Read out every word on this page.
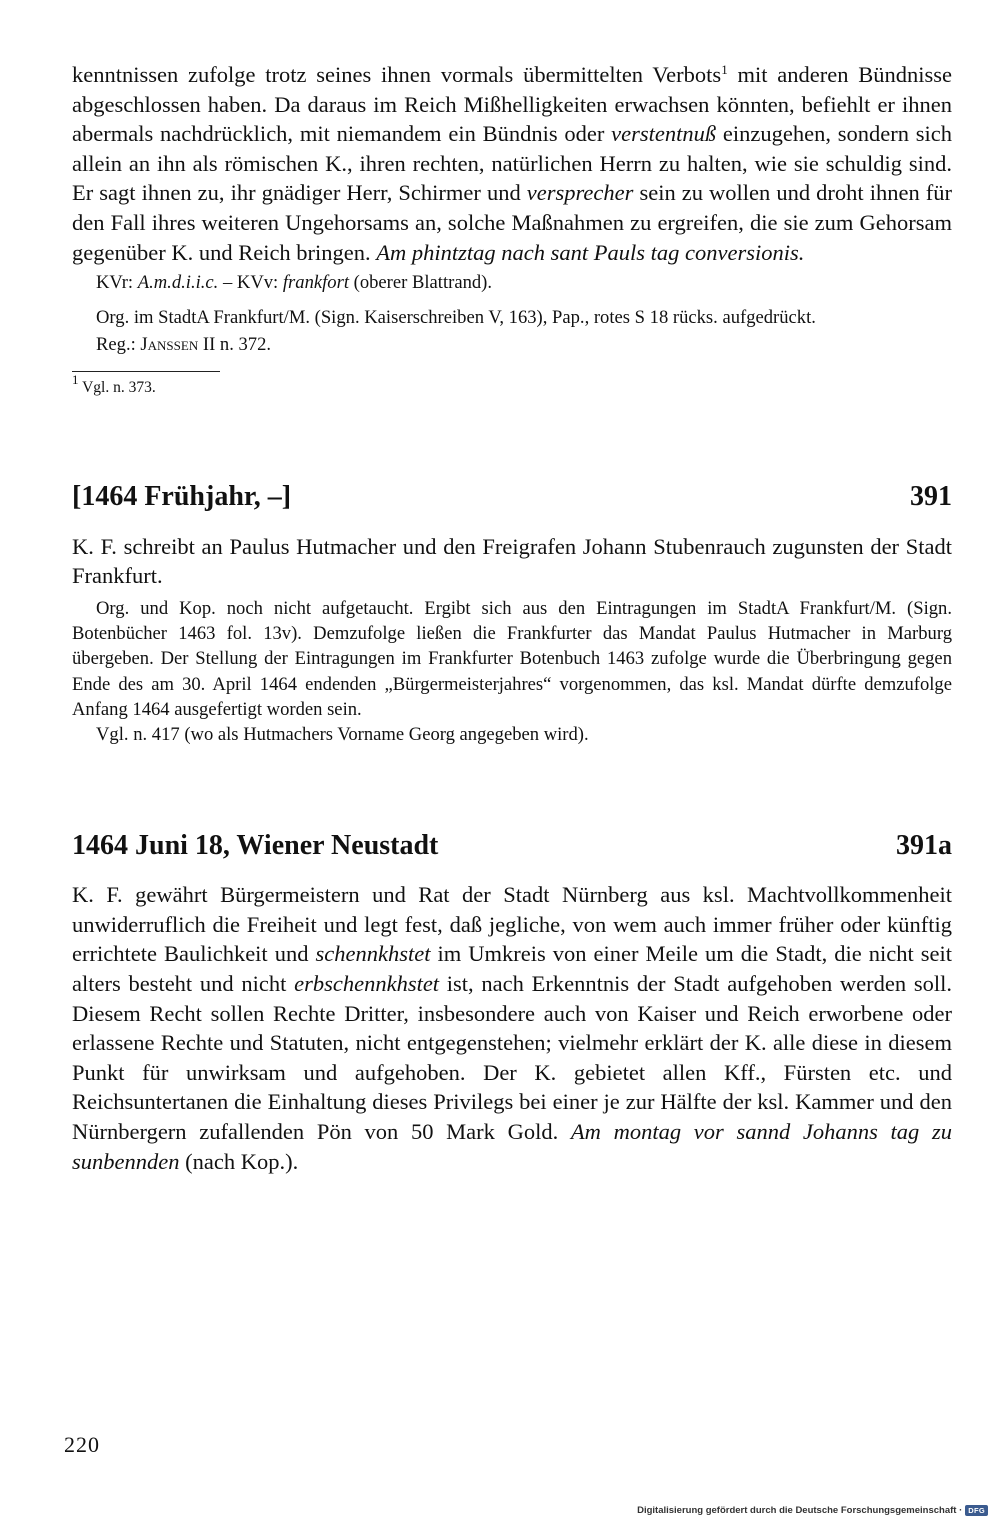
kenntnissen zufolge trotz seines ihnen vormals übermittelten Verbots$^1$ mit anderen Bündnisse abgeschlossen haben. Da daraus im Reich Mißhelligkeiten erwachsen könnten, befiehlt er ihnen abermals nachdrücklich, mit niemandem ein Bündnis oder verstentnuß einzugehen, sondern sich allein an ihn als römischen K., ihren rechten, natürlichen Herrn zu halten, wie sie schuldig sind. Er sagt ihnen zu, ihr gnädiger Herr, Schirmer und versprecher sein zu wollen und droht ihnen für den Fall ihres weiteren Ungehorsams an, solche Maßnahmen zu ergreifen, die sie zum Gehorsam gegenüber K. und Reich bringen. Am phintztag nach sant Pauls tag conversionis.

KVr: A.m.d.i.i.c. – KVv: frankfort (oberer Blattrand).

Org. im StadtA Frankfurt/M. (Sign. Kaiserschreiben V, 163), Pap., rotes S 18 rücks. aufgedrückt.

Reg.: Janssen II n. 372.

$^1$ Vgl. n. 373.

[1464 Frühjahr, –]	391

K. F. schreibt an Paulus Hutmacher und den Freigrafen Johann Stubenrauch zugunsten der Stadt Frankfurt.

Org. und Kop. noch nicht aufgetaucht. Ergibt sich aus den Eintragungen im StadtA Frankfurt/M. (Sign. Botenbücher 1463 fol. 13v). Demzufolge ließen die Frankfurter das Mandat Paulus Hutmacher in Marburg übergeben. Der Stellung der Eintragungen im Frankfurter Botenbuch 1463 zufolge wurde die Überbringung gegen Ende des am 30. April 1464 endenden „Bürgermeisterjahres“ vorgenommen, das ksl. Mandat dürfte demzufolge Anfang 1464 ausgefertigt worden sein.

Vgl. n. 417 (wo als Hutmachers Vorname Georg angegeben wird).

1464 Juni 18, Wiener Neustadt	391a

K. F. gewährt Bürgermeistern und Rat der Stadt Nürnberg aus ksl. Machtvollkommenheit unwiderruflich die Freiheit und legt fest, daß jegliche, von wem auch immer früher oder künftig errichtete Baulichkeit und schennkhstet im Umkreis von einer Meile um die Stadt, die nicht seit alters besteht und nicht erbschennkhstet ist, nach Erkenntnis der Stadt aufgehoben werden soll. Diesem Recht sollen Rechte Dritter, insbesondere auch von Kaiser und Reich erworbene oder erlassene Rechte und Statuten, nicht entgegenstehen; vielmehr erklärt der K. alle diese in diesem Punkt für unwirksam und aufgehoben. Der K. gebietet allen Kff., Fürsten etc. und Reichsuntertanen die Einhaltung dieses Privilegs bei einer je zur Hälfte der ksl. Kammer und den Nürnbergern zufallenden Pön von 50 Mark Gold. Am montag vor sannd Johanns tag zu sunbennden (nach Kop.).

220
Digitalisierung gefördert durch die Deutsche Forschungsgemeinschaft · DFG
